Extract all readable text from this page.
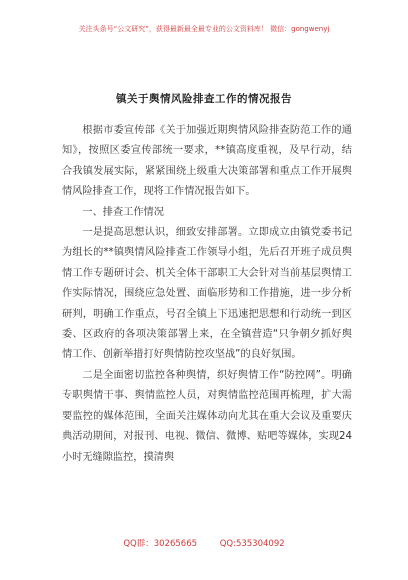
关注头条号“公文研究”，获得最新最全最专业的公文资料库！ 微信：gongwenyj
镇关于舆情风险排查工作的情况报告

根据市委宣传部《关于加强近期舆情风险排查防范工作的通知》，按照区委宣传部统一要求，**镇高度重视，及早行动，结合我镇发展实际，紧紧围绕上级重大决策部署和重点工作开展舆情风险排查工作，现将工作情况报告如下。

一、排查工作情况

一是提高思想认识，细致安排部署。立即成立由镇党委书记为组长的**镇舆情风险排查工作领导小组，先后召开班子成员舆情工作专题研讨会、机关全体干部职工大会针对当前基层舆情工作实际情况，围绕应急处置、面临形势和工作措施，进一步分析研判，明确工作重点，号召全镇上下迅速把思想和行动统一到区委、区政府的各项决策部署上来，在全镇营造“只争朝夕抓好舆情工作、创新举措打好舆情防控攻坚战”的良好氛围。

二是全面密切监控各种舆情，织好舆情工作“防控网”。明确专职舆情干事、舆情监控人员，对舆情监控范围再梳理，扩大需要监控的媒体范围，全面关注媒体动向尤其在重大会议及重要庆典活动期间，对报刊、电视、微信、微博、贴吧等媒体，实现24小时无缝隙监控，摸清舆

QQ群：30265665	QQ:535304092
